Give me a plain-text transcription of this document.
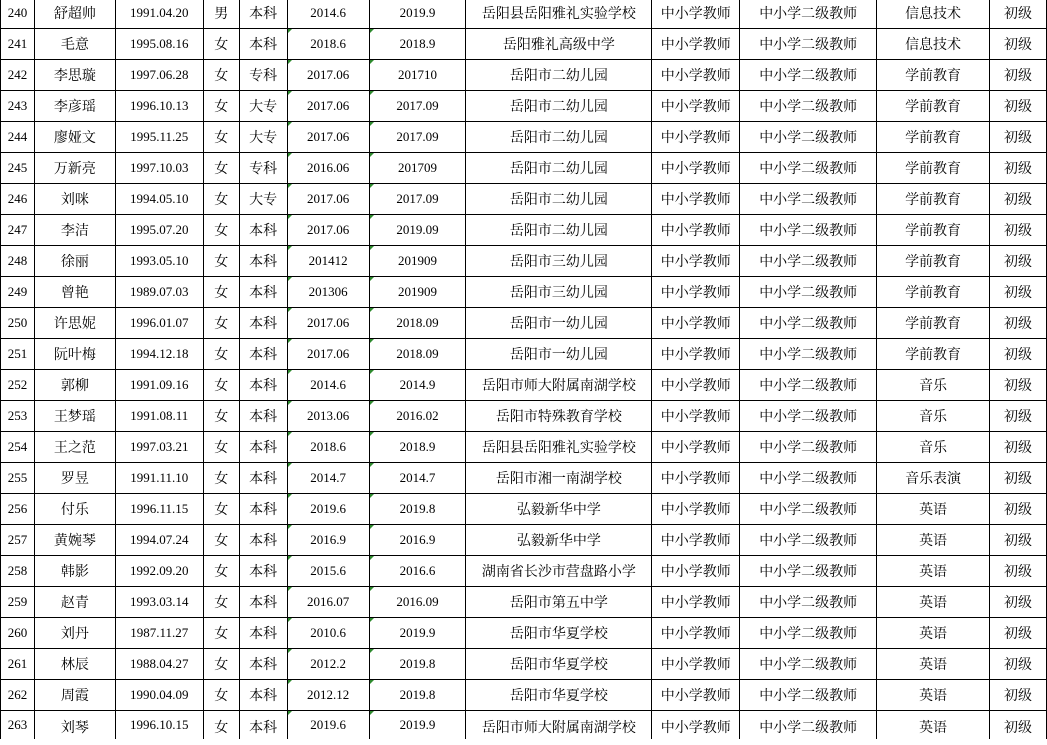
240	舒超帅	1991.04.20	男	本科	2014.6	2019.9	岳阳县岳阳雅礼实验学校	中小学教师	中小学二级教师	信息技术	初级
241	毛意	1995.08.16	女	本科	2018.6	2018.9	岳阳雅礼高级中学	中小学教师	中小学二级教师	信息技术	初级
242	李思璇	1997.06.28	女	专科	2017.06	201710	岳阳市二幼儿园	中小学教师	中小学二级教师	学前教育	初级
243	李彦瑶	1996.10.13	女	大专	2017.06	2017.09	岳阳市二幼儿园	中小学教师	中小学二级教师	学前教育	初级
244	廖娅文	1995.11.25	女	大专	2017.06	2017.09	岳阳市二幼儿园	中小学教师	中小学二级教师	学前教育	初级
245	万新亮	1997.10.03	女	专科	2016.06	201709	岳阳市二幼儿园	中小学教师	中小学二级教师	学前教育	初级
246	刘咪	1994.05.10	女	大专	2017.06	2017.09	岳阳市二幼儿园	中小学教师	中小学二级教师	学前教育	初级
247	李洁	1995.07.20	女	本科	2017.06	2019.09	岳阳市二幼儿园	中小学教师	中小学二级教师	学前教育	初级
248	徐丽	1993.05.10	女	本科	201412	201909	岳阳市三幼儿园	中小学教师	中小学二级教师	学前教育	初级
249	曾艳	1989.07.03	女	本科	201306	201909	岳阳市三幼儿园	中小学教师	中小学二级教师	学前教育	初级
250	许思妮	1996.01.07	女	本科	2017.06	2018.09	岳阳市一幼儿园	中小学教师	中小学二级教师	学前教育	初级
251	阮叶梅	1994.12.18	女	本科	2017.06	2018.09	岳阳市一幼儿园	中小学教师	中小学二级教师	学前教育	初级
252	郭柳	1991.09.16	女	本科	2014.6	2014.9	岳阳市师大附属南湖学校	中小学教师	中小学二级教师	音乐	初级
253	王梦瑶	1991.08.11	女	本科	2013.06	2016.02	岳阳市特殊教育学校	中小学教师	中小学二级教师	音乐	初级
254	王之范	1997.03.21	女	本科	2018.6	2018.9	岳阳县岳阳雅礼实验学校	中小学教师	中小学二级教师	音乐	初级
255	罗昱	1991.11.10	女	本科	2014.7	2014.7	岳阳市湘一南湖学校	中小学教师	中小学二级教师	音乐表演	初级
256	付乐	1996.11.15	女	本科	2019.6	2019.8	弘毅新华中学	中小学教师	中小学二级教师	英语	初级
257	黄婉琴	1994.07.24	女	本科	2016.9	2016.9	弘毅新华中学	中小学教师	中小学二级教师	英语	初级
258	韩影	1992.09.20	女	本科	2015.6	2016.6	湖南省长沙市营盘路小学	中小学教师	中小学二级教师	英语	初级
259	赵青	1993.03.14	女	本科	2016.07	2016.09	岳阳市第五中学	中小学教师	中小学二级教师	英语	初级
260	刘丹	1987.11.27	女	本科	2010.6	2019.9	岳阳市华夏学校	中小学教师	中小学二级教师	英语	初级
261	林辰	1988.04.27	女	本科	2012.2	2019.8	岳阳市华夏学校	中小学教师	中小学二级教师	英语	初级
262	周霞	1990.04.09	女	本科	2012.12	2019.8	岳阳市华夏学校	中小学教师	中小学二级教师	英语	初级
263	刘琴	1996.10.15	女	本科	2019.6	2019.9	岳阳市师大附属南湖学校	中小学教师	中小学二级教师	英语	初级
